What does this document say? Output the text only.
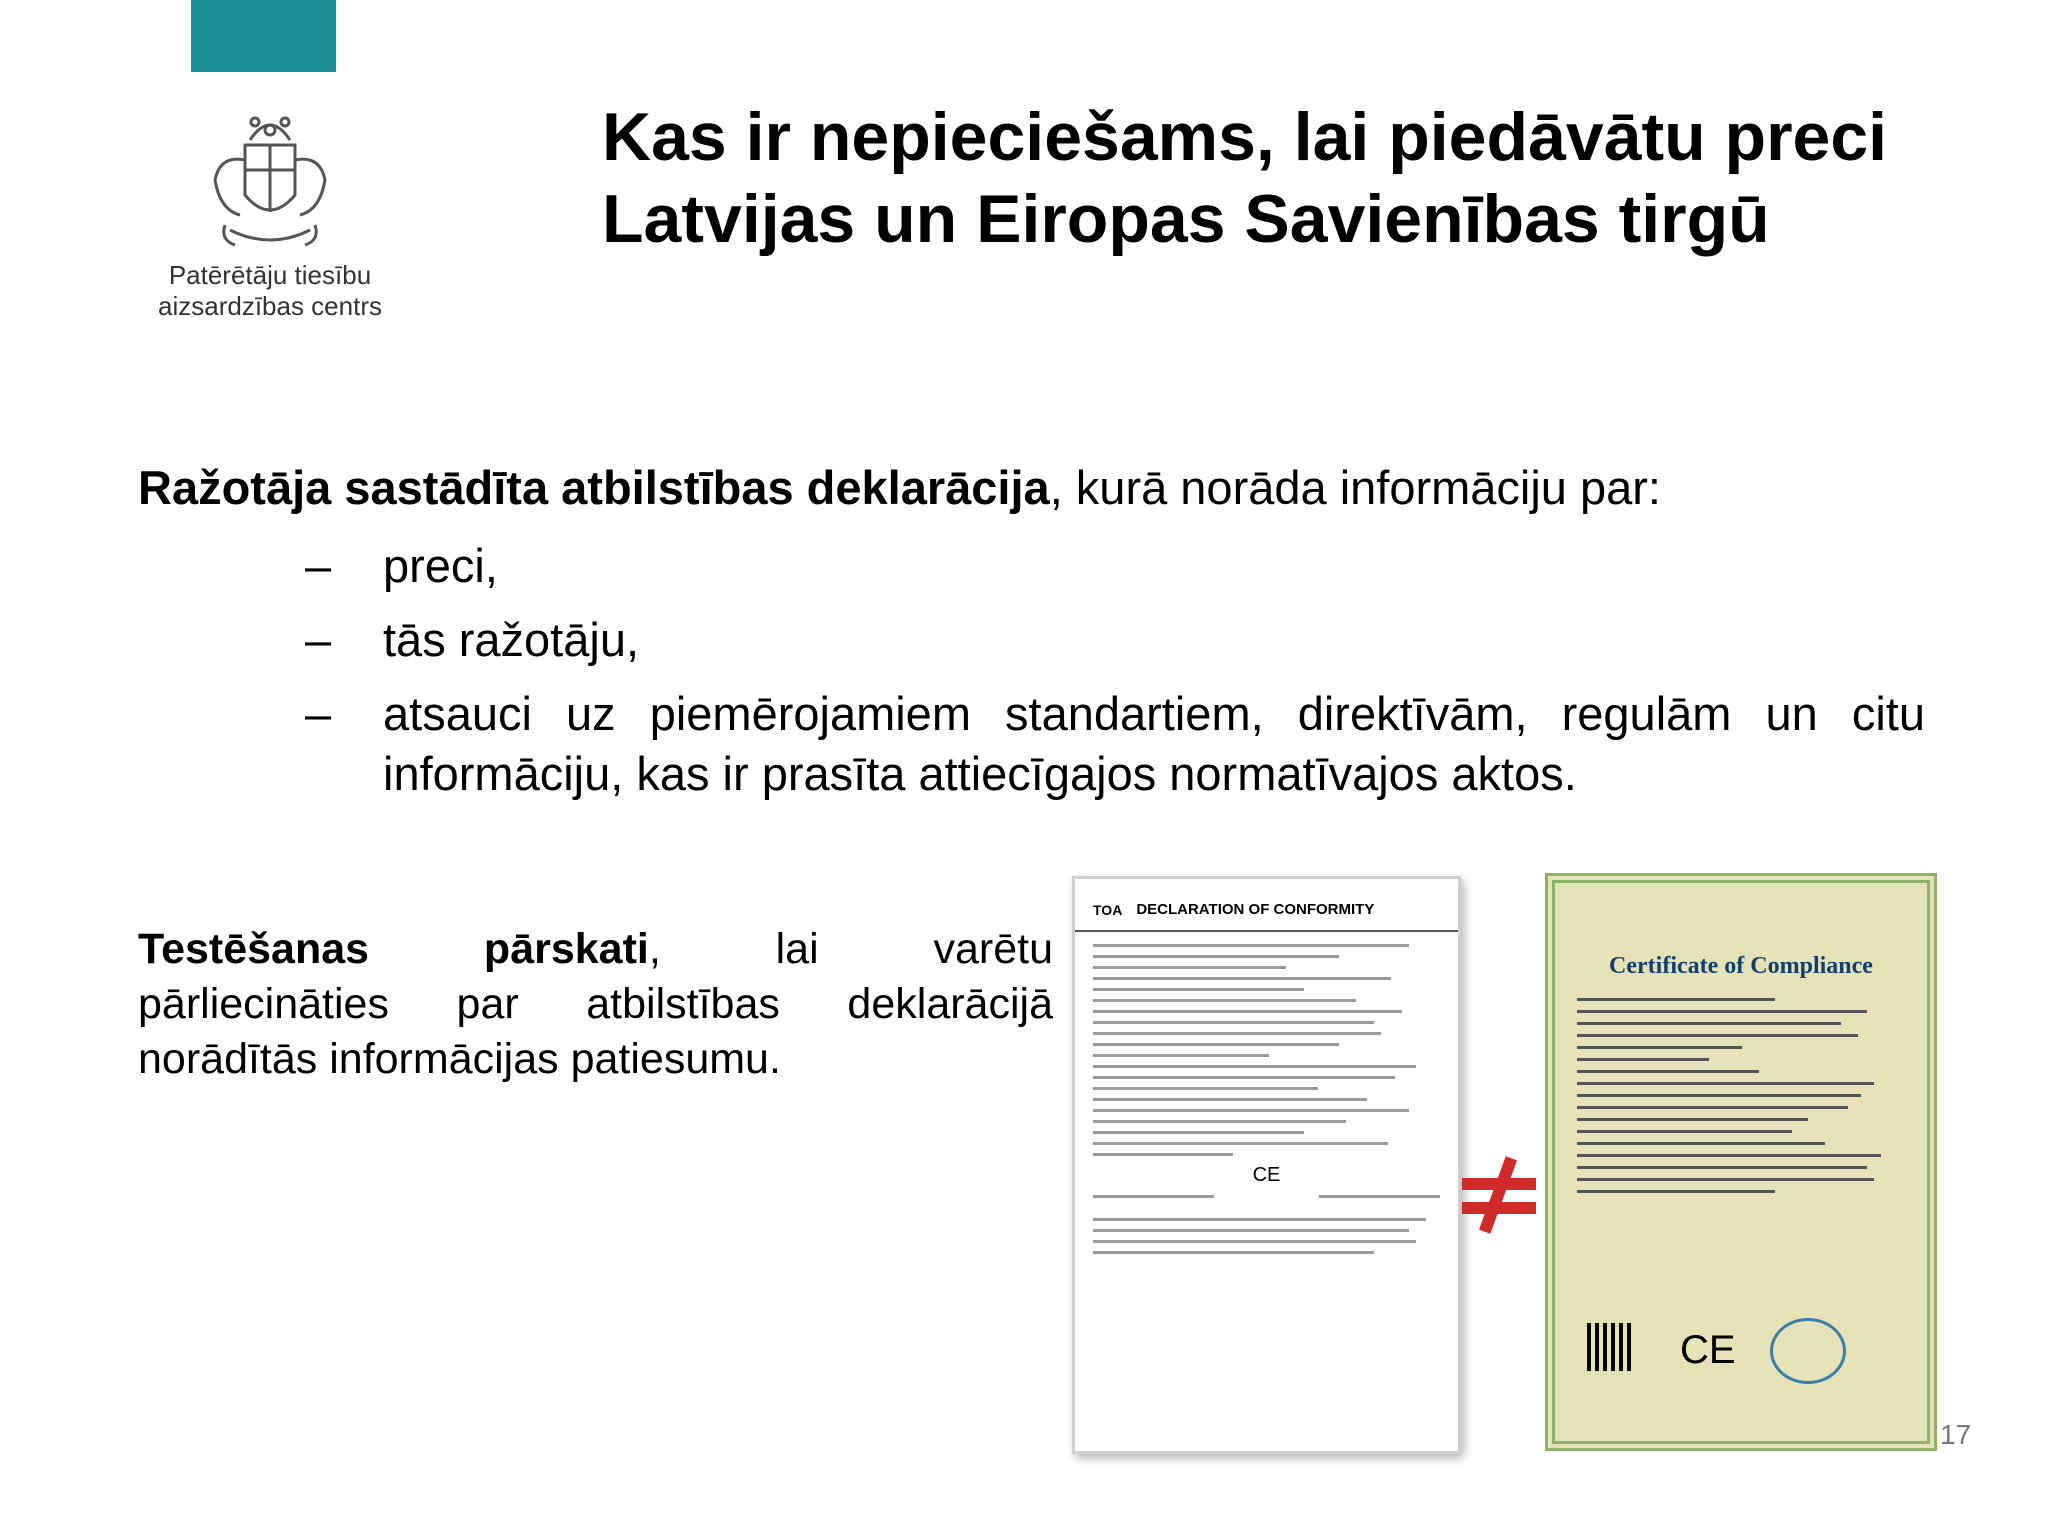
Patērētāju tiesību
aizsardzības centrs
Kas ir nepieciešams, lai piedāvātu preci
Latvijas un Eiropas Savienības tirgū
Ražotāja sastādīta atbilstības deklarācija, kurā norāda informāciju par:
– preci,
– tās ražotāju,
– atsauci uz piemērojamiem standartiem, direktīvām, regulām un citu informāciju, kas ir prasīta attiecīgajos normatīvajos aktos.
Testēšanas pārskati, lai varētu
pārliecināties par atbilstības deklarācijā
norādītās informācijas patiesumu.
TOA DECLARATION OF CONFORMITY
CE
Certificate of Compliance
CE
17
